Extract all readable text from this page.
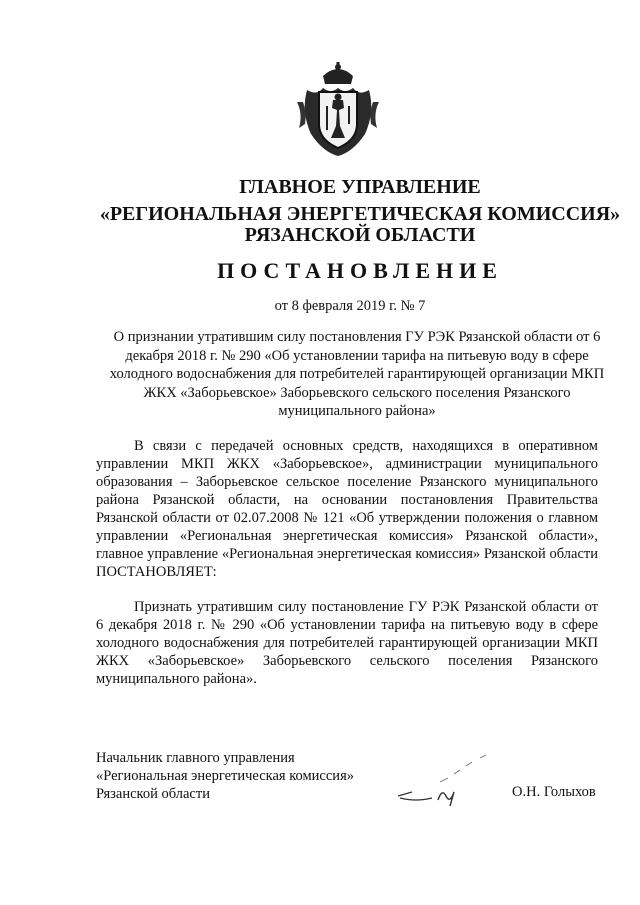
ГЛАВНОЕ УПРАВЛЕНИЕ
«РЕГИОНАЛЬНАЯ ЭНЕРГЕТИЧЕСКАЯ КОМИССИЯ»
РЯЗАНСКОЙ ОБЛАСТИ
ПОСТАНОВЛЕНИЕ
от 8 февраля 2019 г. № 7
О признании утратившим силу постановления ГУ РЭК Рязанской области от 6 декабря 2018 г. № 290 «Об установлении тарифа на питьевую воду в сфере холодного водоснабжения для потребителей гарантирующей организации МКП ЖКХ «Заборьевское» Заборьевского сельского поселения Рязанского муниципального района»
В связи с передачей основных средств, находящихся в оперативном управлении МКП ЖКХ «Заборьевское», администрации муниципального образования – Заборьевское сельское поселение Рязанского муниципального района Рязанской области, на основании постановления Правительства Рязанской области от 02.07.2008 № 121 «Об утверждении положения о главном управлении «Региональная энергетическая комиссия» Рязанской области», главное управление «Региональная энергетическая комиссия» Рязанской области ПОСТАНОВЛЯЕТ:
Признать утратившим силу постановление ГУ РЭК Рязанской области от 6 декабря 2018 г. № 290 «Об установлении тарифа на питьевую воду в сфере холодного водоснабжения для потребителей гарантирующей организации МКП ЖКХ «Заборьевское» Заборьевского сельского поселения Рязанского муниципального района».
Начальник главного управления
«Региональная энергетическая комиссия»
Рязанской области	О.Н. Голыхов
